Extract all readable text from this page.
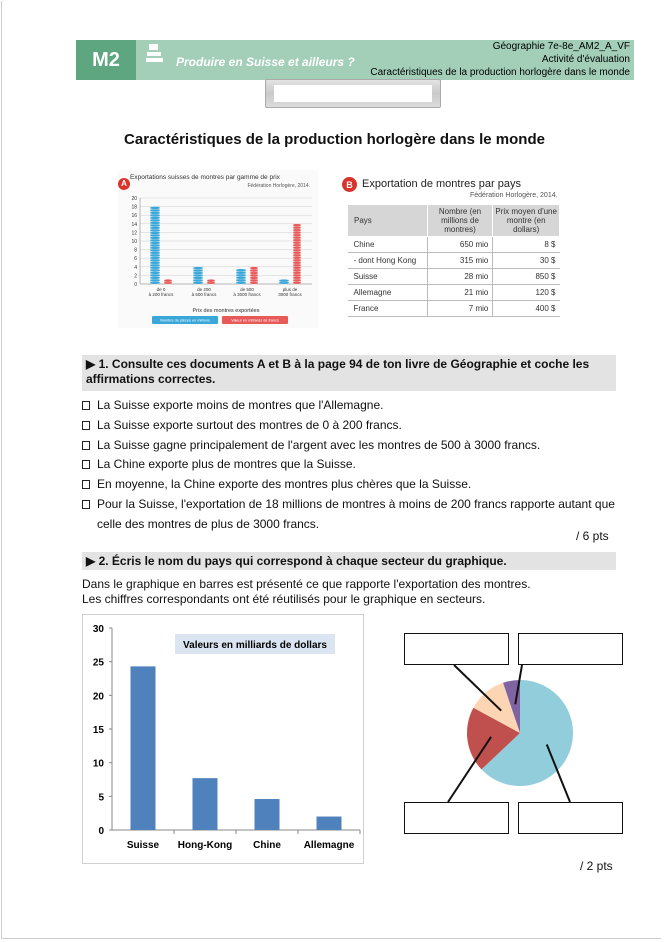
M2	Produire en Suisse et ailleurs ?
Géographie 7e-8e_AM2_A_VF
Activité d'évaluation
Caractéristiques de la production horlogère dans le monde
Caractéristiques de la production horlogère dans le monde
A
Exportations suisses de montres par gamme de prix
Fédération Horlogère, 2014.
0
2
4
6
8
10
12
14
16
18
20
de 0
à 200 francs
de 200
à 500 francs
de 500
à 3000 francs
plus de
3000 francs
Prix des montres exportées
Nombre de pièces en millions	Valeur en milliards de francs
B Exportation de montres par pays
Fédération Horlogère, 2014.
Pays	Nombre (en millions de montres)	Prix moyen d'une montre (en dollars)
Chine	650 mio	8 $
- dont Hong Kong	315 mio	30 $
Suisse	28 mio	850 $
Allemagne	21 mio	120 $
France	7 mio	400 $
▶ 1. Consulte ces documents A et B à la page 94 de ton livre de Géographie et coche les affirmations correctes.
La Suisse exporte moins de montres que l'Allemagne.
La Suisse exporte surtout des montres de 0 à 200 francs.
La Suisse gagne principalement de l'argent avec les montres de 500 à 3000 francs.
La Chine exporte plus de montres que la Suisse.
En moyenne, la Chine exporte des montres plus chères que la Suisse.
Pour la Suisse, l'exportation de 18 millions de montres à moins de 200 francs rapporte autant que celle des montres de plus de 3000 francs.
/ 6 pts
▶ 2. Écris le nom du pays qui correspond à chaque secteur du graphique.
Dans le graphique en barres est présenté ce que rapporte l'exportation des montres.
Les chiffres correspondants ont été réutilisés pour le graphique en secteurs.
0
5
10
15
20
25
30
Suisse Hong-Kong Chine Allemagne
Valeurs en milliards de dollars
/ 2 pts
